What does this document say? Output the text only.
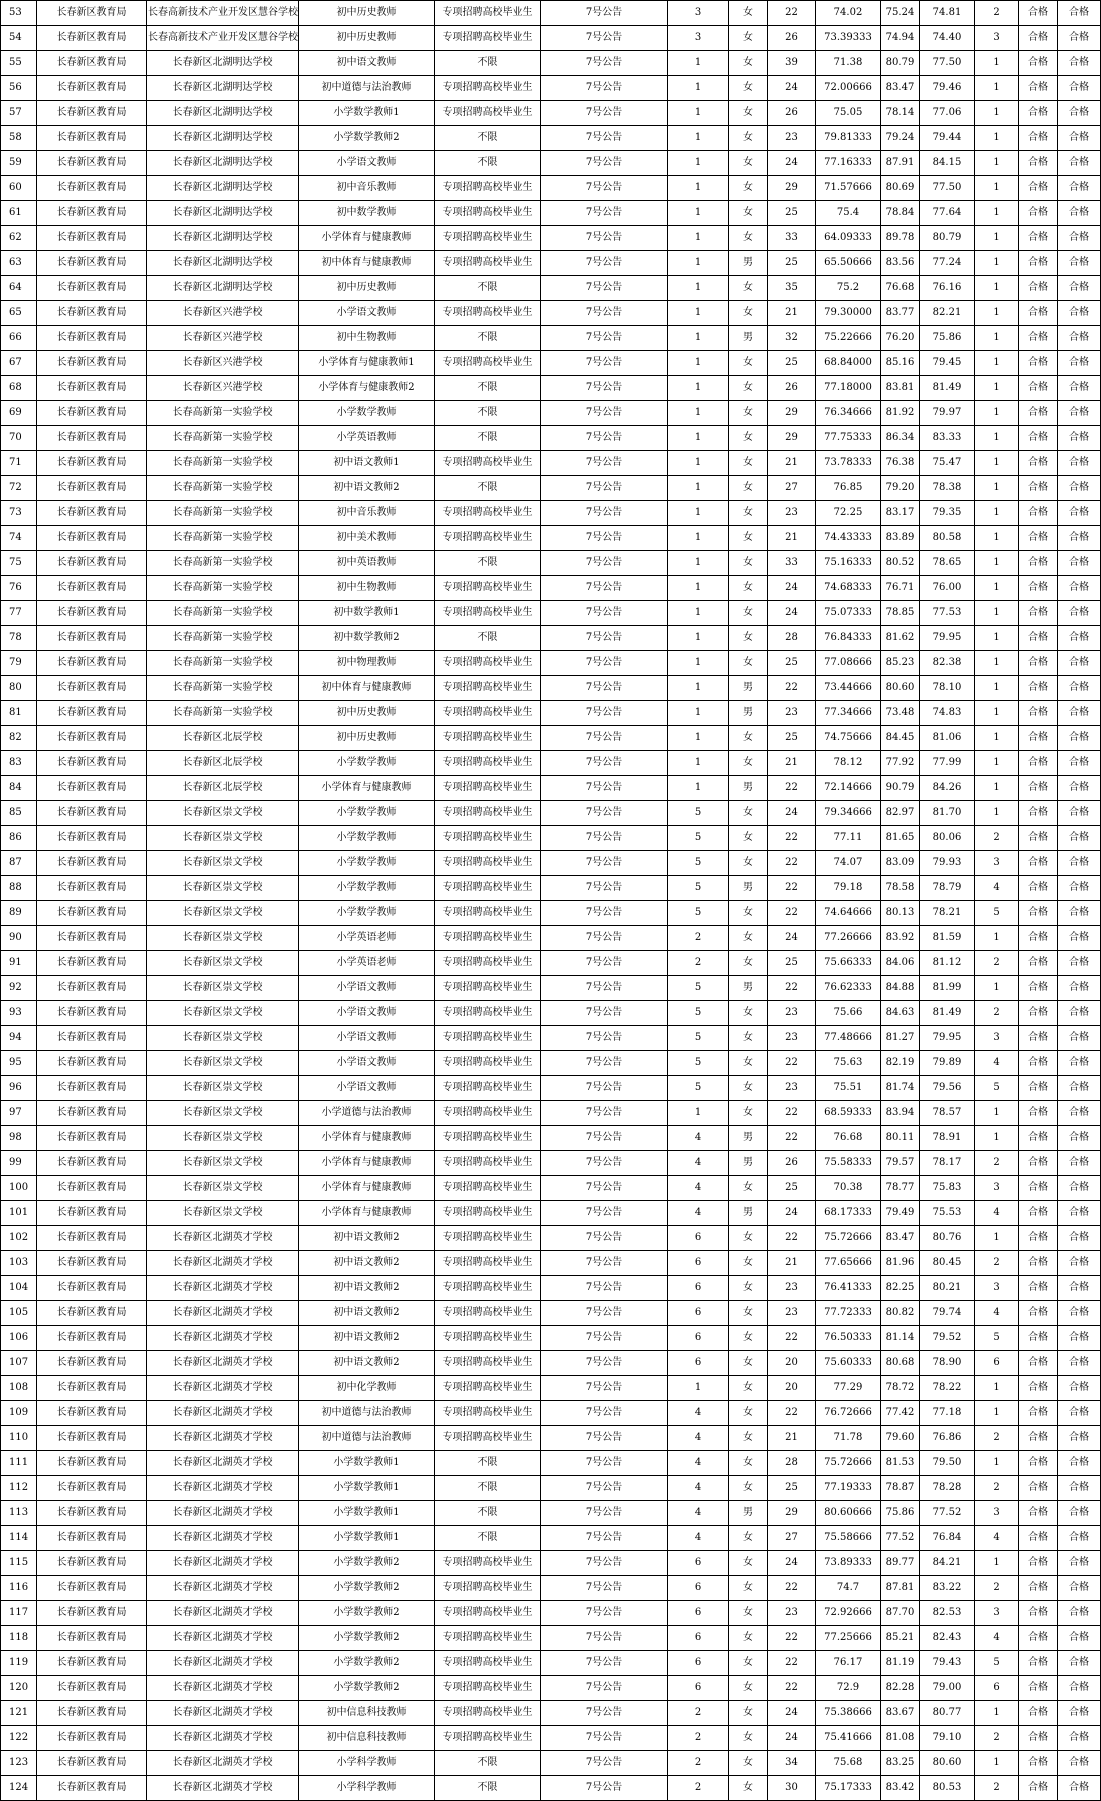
53	长春新区教育局	长春高新技术产业开发区慧谷学校	初中历史教师	专项招聘高校毕业生	7号公告	3	女	22	74.02	75.24	74.81	2	合格	合格
54	长春新区教育局	长春高新技术产业开发区慧谷学校	初中历史教师	专项招聘高校毕业生	7号公告	3	女	26	73.39333	74.94	74.40	3	合格	合格
55	长春新区教育局	长春新区北湖明达学校	初中语文教师	不限	7号公告	1	女	39	71.38	80.79	77.50	1	合格	合格
56	长春新区教育局	长春新区北湖明达学校	初中道德与法治教师	专项招聘高校毕业生	7号公告	1	女	24	72.00666	83.47	79.46	1	合格	合格
57	长春新区教育局	长春新区北湖明达学校	小学数学教师1	专项招聘高校毕业生	7号公告	1	女	26	75.05	78.14	77.06	1	合格	合格
58	长春新区教育局	长春新区北湖明达学校	小学数学教师2	不限	7号公告	1	女	23	79.81333	79.24	79.44	1	合格	合格
59	长春新区教育局	长春新区北湖明达学校	小学语文教师	不限	7号公告	1	女	24	77.16333	87.91	84.15	1	合格	合格
60	长春新区教育局	长春新区北湖明达学校	初中音乐教师	专项招聘高校毕业生	7号公告	1	女	29	71.57666	80.69	77.50	1	合格	合格
61	长春新区教育局	长春新区北湖明达学校	初中数学教师	专项招聘高校毕业生	7号公告	1	女	25	75.4	78.84	77.64	1	合格	合格
62	长春新区教育局	长春新区北湖明达学校	小学体育与健康教师	专项招聘高校毕业生	7号公告	1	女	33	64.09333	89.78	80.79	1	合格	合格
63	长春新区教育局	长春新区北湖明达学校	初中体育与健康教师	专项招聘高校毕业生	7号公告	1	男	25	65.50666	83.56	77.24	1	合格	合格
64	长春新区教育局	长春新区北湖明达学校	初中历史教师	不限	7号公告	1	女	35	75.2	76.68	76.16	1	合格	合格
65	长春新区教育局	长春新区兴港学校	小学语文教师	专项招聘高校毕业生	7号公告	1	女	21	79.30000	83.77	82.21	1	合格	合格
66	长春新区教育局	长春新区兴港学校	初中生物教师	不限	7号公告	1	男	32	75.22666	76.20	75.86	1	合格	合格
67	长春新区教育局	长春新区兴港学校	小学体育与健康教师1	专项招聘高校毕业生	7号公告	1	女	25	68.84000	85.16	79.45	1	合格	合格
68	长春新区教育局	长春新区兴港学校	小学体育与健康教师2	不限	7号公告	1	女	26	77.18000	83.81	81.49	1	合格	合格
69	长春新区教育局	长春高新第一实验学校	小学数学教师	不限	7号公告	1	女	29	76.34666	81.92	79.97	1	合格	合格
70	长春新区教育局	长春高新第一实验学校	小学英语教师	不限	7号公告	1	女	29	77.75333	86.34	83.33	1	合格	合格
71	长春新区教育局	长春高新第一实验学校	初中语文教师1	专项招聘高校毕业生	7号公告	1	女	21	73.78333	76.38	75.47	1	合格	合格
72	长春新区教育局	长春高新第一实验学校	初中语文教师2	不限	7号公告	1	女	27	76.85	79.20	78.38	1	合格	合格
73	长春新区教育局	长春高新第一实验学校	初中音乐教师	专项招聘高校毕业生	7号公告	1	女	23	72.25	83.17	79.35	1	合格	合格
74	长春新区教育局	长春高新第一实验学校	初中美术教师	专项招聘高校毕业生	7号公告	1	女	21	74.43333	83.89	80.58	1	合格	合格
75	长春新区教育局	长春高新第一实验学校	初中英语教师	不限	7号公告	1	女	33	75.16333	80.52	78.65	1	合格	合格
76	长春新区教育局	长春高新第一实验学校	初中生物教师	专项招聘高校毕业生	7号公告	1	女	24	74.68333	76.71	76.00	1	合格	合格
77	长春新区教育局	长春高新第一实验学校	初中数学教师1	专项招聘高校毕业生	7号公告	1	女	24	75.07333	78.85	77.53	1	合格	合格
78	长春新区教育局	长春高新第一实验学校	初中数学教师2	不限	7号公告	1	女	28	76.84333	81.62	79.95	1	合格	合格
79	长春新区教育局	长春高新第一实验学校	初中物理教师	专项招聘高校毕业生	7号公告	1	女	25	77.08666	85.23	82.38	1	合格	合格
80	长春新区教育局	长春高新第一实验学校	初中体育与健康教师	专项招聘高校毕业生	7号公告	1	男	22	73.44666	80.60	78.10	1	合格	合格
81	长春新区教育局	长春高新第一实验学校	初中历史教师	专项招聘高校毕业生	7号公告	1	男	23	77.34666	73.48	74.83	1	合格	合格
82	长春新区教育局	长春新区北辰学校	初中历史教师	专项招聘高校毕业生	7号公告	1	女	25	74.75666	84.45	81.06	1	合格	合格
83	长春新区教育局	长春新区北辰学校	小学数学教师	专项招聘高校毕业生	7号公告	1	女	21	78.12	77.92	77.99	1	合格	合格
84	长春新区教育局	长春新区北辰学校	小学体育与健康教师	专项招聘高校毕业生	7号公告	1	男	22	72.14666	90.79	84.26	1	合格	合格
85	长春新区教育局	长春新区崇文学校	小学数学教师	专项招聘高校毕业生	7号公告	5	女	24	79.34666	82.97	81.70	1	合格	合格
86	长春新区教育局	长春新区崇文学校	小学数学教师	专项招聘高校毕业生	7号公告	5	女	22	77.11	81.65	80.06	2	合格	合格
87	长春新区教育局	长春新区崇文学校	小学数学教师	专项招聘高校毕业生	7号公告	5	女	22	74.07	83.09	79.93	3	合格	合格
88	长春新区教育局	长春新区崇文学校	小学数学教师	专项招聘高校毕业生	7号公告	5	男	22	79.18	78.58	78.79	4	合格	合格
89	长春新区教育局	长春新区崇文学校	小学数学教师	专项招聘高校毕业生	7号公告	5	女	22	74.64666	80.13	78.21	5	合格	合格
90	长春新区教育局	长春新区崇文学校	小学英语老师	专项招聘高校毕业生	7号公告	2	女	24	77.26666	83.92	81.59	1	合格	合格
91	长春新区教育局	长春新区崇文学校	小学英语老师	专项招聘高校毕业生	7号公告	2	女	25	75.66333	84.06	81.12	2	合格	合格
92	长春新区教育局	长春新区崇文学校	小学语文教师	专项招聘高校毕业生	7号公告	5	男	22	76.62333	84.88	81.99	1	合格	合格
93	长春新区教育局	长春新区崇文学校	小学语文教师	专项招聘高校毕业生	7号公告	5	女	23	75.66	84.63	81.49	2	合格	合格
94	长春新区教育局	长春新区崇文学校	小学语文教师	专项招聘高校毕业生	7号公告	5	女	23	77.48666	81.27	79.95	3	合格	合格
95	长春新区教育局	长春新区崇文学校	小学语文教师	专项招聘高校毕业生	7号公告	5	女	22	75.63	82.19	79.89	4	合格	合格
96	长春新区教育局	长春新区崇文学校	小学语文教师	专项招聘高校毕业生	7号公告	5	女	23	75.51	81.74	79.56	5	合格	合格
97	长春新区教育局	长春新区崇文学校	小学道德与法治教师	专项招聘高校毕业生	7号公告	1	女	22	68.59333	83.94	78.57	1	合格	合格
98	长春新区教育局	长春新区崇文学校	小学体育与健康教师	专项招聘高校毕业生	7号公告	4	男	22	76.68	80.11	78.91	1	合格	合格
99	长春新区教育局	长春新区崇文学校	小学体育与健康教师	专项招聘高校毕业生	7号公告	4	男	26	75.58333	79.57	78.17	2	合格	合格
100	长春新区教育局	长春新区崇文学校	小学体育与健康教师	专项招聘高校毕业生	7号公告	4	女	25	70.38	78.77	75.83	3	合格	合格
101	长春新区教育局	长春新区崇文学校	小学体育与健康教师	专项招聘高校毕业生	7号公告	4	男	24	68.17333	79.49	75.53	4	合格	合格
102	长春新区教育局	长春新区北湖英才学校	初中语文教师2	专项招聘高校毕业生	7号公告	6	女	22	75.72666	83.47	80.76	1	合格	合格
103	长春新区教育局	长春新区北湖英才学校	初中语文教师2	专项招聘高校毕业生	7号公告	6	女	21	77.65666	81.96	80.45	2	合格	合格
104	长春新区教育局	长春新区北湖英才学校	初中语文教师2	专项招聘高校毕业生	7号公告	6	女	23	76.41333	82.25	80.21	3	合格	合格
105	长春新区教育局	长春新区北湖英才学校	初中语文教师2	专项招聘高校毕业生	7号公告	6	女	23	77.72333	80.82	79.74	4	合格	合格
106	长春新区教育局	长春新区北湖英才学校	初中语文教师2	专项招聘高校毕业生	7号公告	6	女	22	76.50333	81.14	79.52	5	合格	合格
107	长春新区教育局	长春新区北湖英才学校	初中语文教师2	专项招聘高校毕业生	7号公告	6	女	20	75.60333	80.68	78.90	6	合格	合格
108	长春新区教育局	长春新区北湖英才学校	初中化学教师	专项招聘高校毕业生	7号公告	1	女	20	77.29	78.72	78.22	1	合格	合格
109	长春新区教育局	长春新区北湖英才学校	初中道德与法治教师	专项招聘高校毕业生	7号公告	4	女	22	76.72666	77.42	77.18	1	合格	合格
110	长春新区教育局	长春新区北湖英才学校	初中道德与法治教师	专项招聘高校毕业生	7号公告	4	女	21	71.78	79.60	76.86	2	合格	合格
111	长春新区教育局	长春新区北湖英才学校	小学数学教师1	不限	7号公告	4	女	28	75.72666	81.53	79.50	1	合格	合格
112	长春新区教育局	长春新区北湖英才学校	小学数学教师1	不限	7号公告	4	女	25	77.19333	78.87	78.28	2	合格	合格
113	长春新区教育局	长春新区北湖英才学校	小学数学教师1	不限	7号公告	4	男	29	80.60666	75.86	77.52	3	合格	合格
114	长春新区教育局	长春新区北湖英才学校	小学数学教师1	不限	7号公告	4	女	27	75.58666	77.52	76.84	4	合格	合格
115	长春新区教育局	长春新区北湖英才学校	小学数学教师2	专项招聘高校毕业生	7号公告	6	女	24	73.89333	89.77	84.21	1	合格	合格
116	长春新区教育局	长春新区北湖英才学校	小学数学教师2	专项招聘高校毕业生	7号公告	6	女	22	74.7	87.81	83.22	2	合格	合格
117	长春新区教育局	长春新区北湖英才学校	小学数学教师2	专项招聘高校毕业生	7号公告	6	女	23	72.92666	87.70	82.53	3	合格	合格
118	长春新区教育局	长春新区北湖英才学校	小学数学教师2	专项招聘高校毕业生	7号公告	6	女	22	77.25666	85.21	82.43	4	合格	合格
119	长春新区教育局	长春新区北湖英才学校	小学数学教师2	专项招聘高校毕业生	7号公告	6	女	22	76.17	81.19	79.43	5	合格	合格
120	长春新区教育局	长春新区北湖英才学校	小学数学教师2	专项招聘高校毕业生	7号公告	6	女	22	72.9	82.28	79.00	6	合格	合格
121	长春新区教育局	长春新区北湖英才学校	初中信息科技教师	专项招聘高校毕业生	7号公告	2	女	24	75.38666	83.67	80.77	1	合格	合格
122	长春新区教育局	长春新区北湖英才学校	初中信息科技教师	专项招聘高校毕业生	7号公告	2	女	24	75.41666	81.08	79.10	2	合格	合格
123	长春新区教育局	长春新区北湖英才学校	小学科学教师	不限	7号公告	2	女	34	75.68	83.25	80.60	1	合格	合格
124	长春新区教育局	长春新区北湖英才学校	小学科学教师	不限	7号公告	2	女	30	75.17333	83.42	80.53	2	合格	合格
